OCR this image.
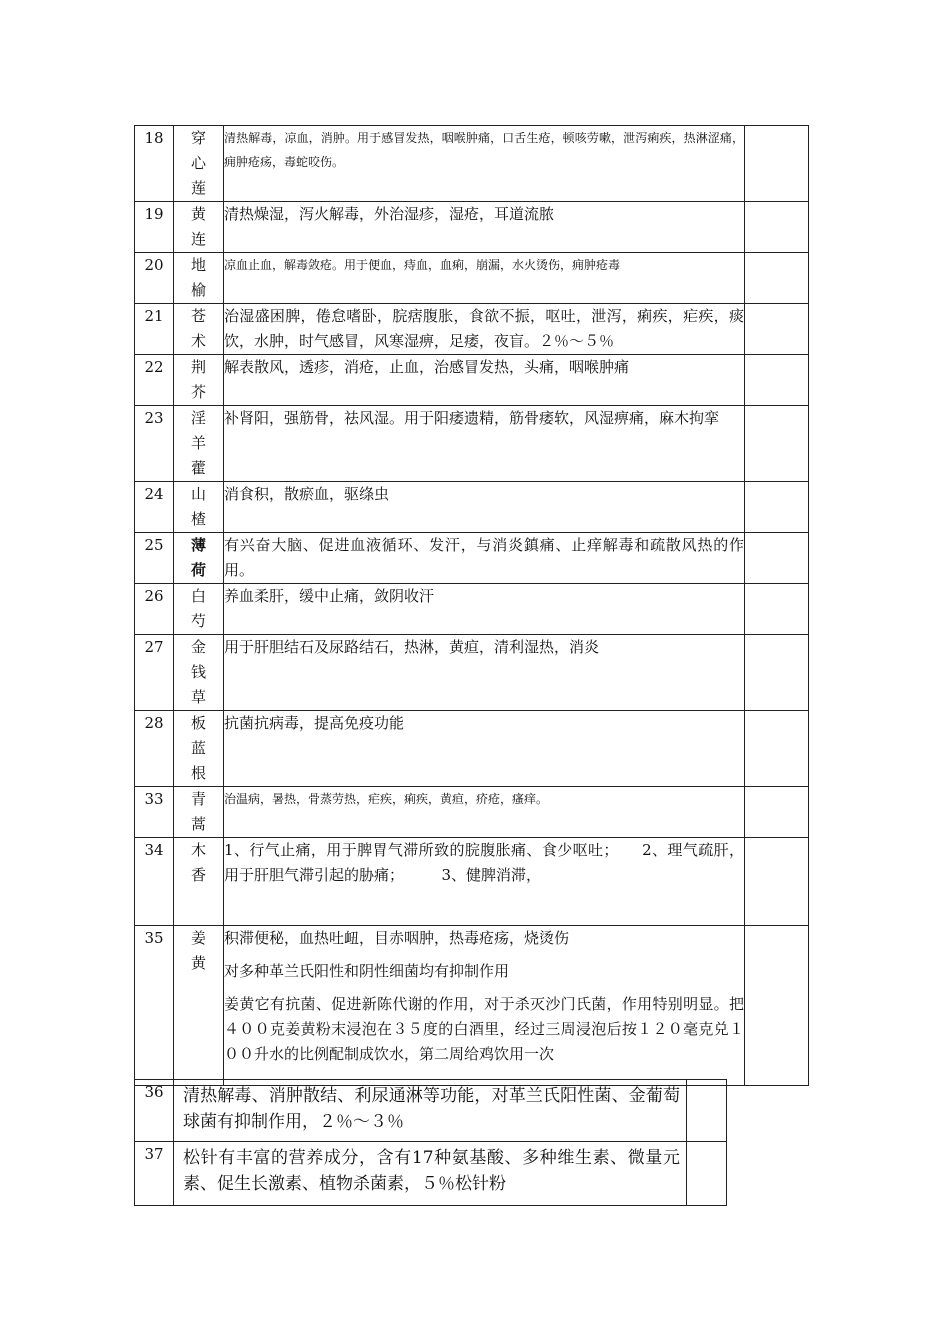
18	穿心莲	清热解毒，凉血，消肿。用于感冒发热，咽喉肿痛，口舌生疮，顿咳劳嗽，泄泻痢疾，热淋涩痛，痈肿疮疡，毒蛇咬伤。	
19	黄连	清热燥湿，泻火解毒，外治湿疹，湿疮，耳道流脓	
20	地榆	凉血止血，解毒敛疮。用于便血，痔血，血痢，崩漏，水火烫伤，痈肿疮毒	
21	苍术	治湿盛困脾，倦怠嗜卧，脘痞腹胀，食欲不振，呕吐，泄泻，痢疾，疟疾，痰饮，水肿，时气感冒，风寒湿痹，足痿，夜盲。２％～５％	
22	荆芥	解表散风，透疹，消疮，止血，治感冒发热，头痛，咽喉肿痛	
23	淫羊藿	补肾阳，强筋骨，祛风湿。用于阳痿遗精，筋骨痿软，风湿痹痛，麻木拘挛	
24	山楂	消食积，散瘀血，驱绦虫	
25	薄荷	有兴奋大脑、促进血液循环、发汗，与消炎鎮痛、止痒解毒和疏散风热的作用。	
26	白芍	养血柔肝，缓中止痛，敛阴收汗	
27	金钱草	用于肝胆结石及尿路结石，热淋，黄疸，清利湿热，消炎	
28	板蓝根	抗菌抗病毒，提高免疫功能	
33	青蒿	治温病，暑热，骨蒸劳热，疟疾，痢疾，黄疸，疥疮，瘙痒。	
34	木香	1、行气止痛，用于脾胃气滞所致的脘腹胀痛、食少呕吐；　　2、理气疏肝，用于肝胆气滞引起的胁痛；　　　3、健脾消滞，	
35	姜黄	积滞便秘，血热吐衄，目赤咽肿，热毒疮疡，烧烫伤
对多种革兰氏阳性和阴性细菌均有抑制作用
姜黄它有抗菌、促进新陈代谢的作用，对于杀灭沙门氏菌，作用特别明显。把４００克姜黄粉末浸泡在３５度的白酒里，经过三周浸泡后按１２０毫克兑１００升水的比例配制成饮水，第二周给鸡饮用一次	

36	清热解毒、消肿散结、利尿通淋等功能，对革兰氏阳性菌、金葡萄球菌有抑制作用，２％～３％	
37	松针有丰富的营养成分，含有17种氨基酸、多种维生素、微量元素、促生长激素、植物杀菌素，５％松针粉	
